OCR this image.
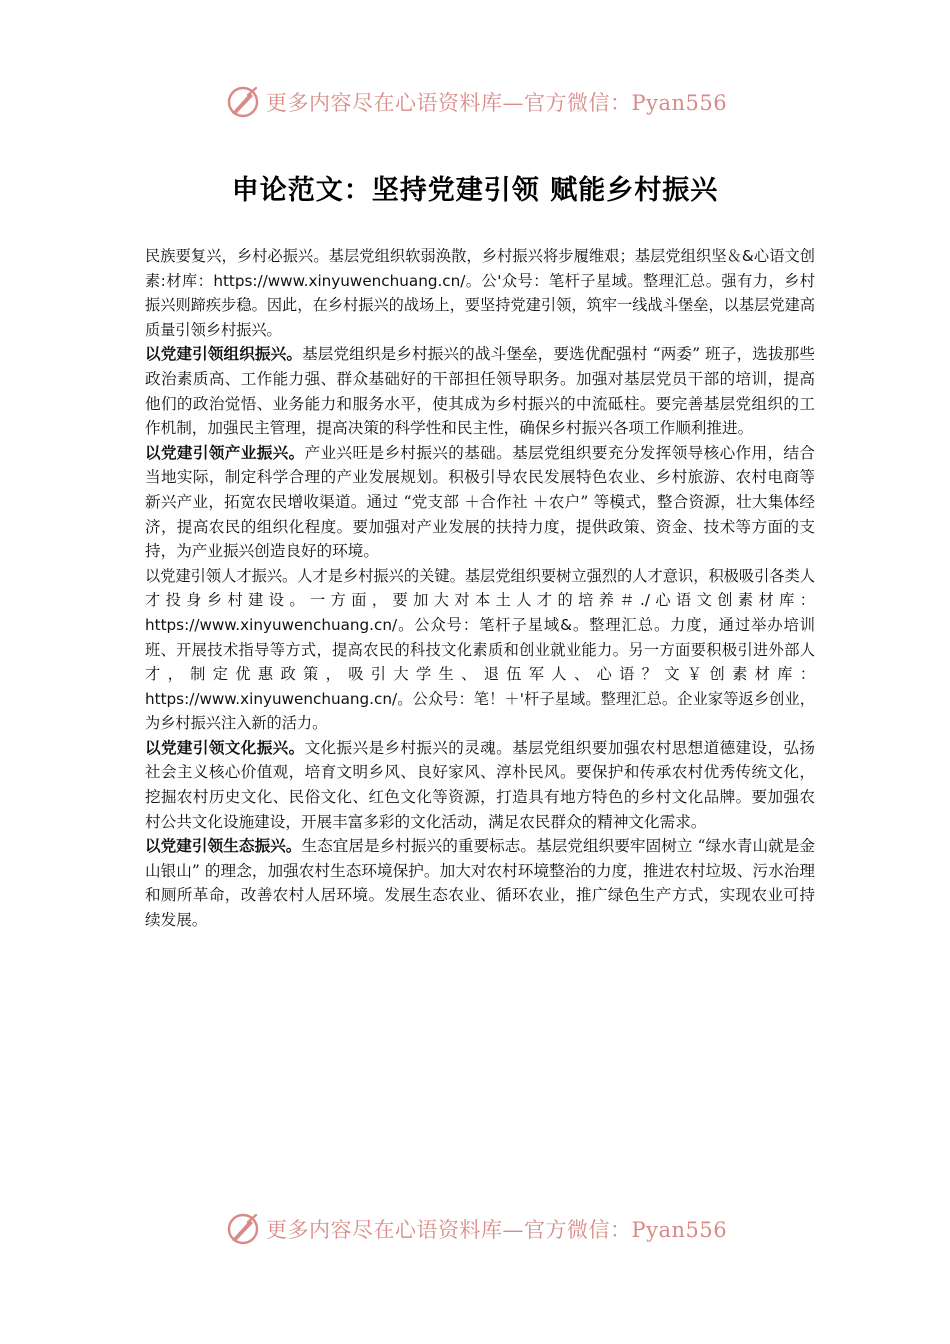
更多内容尽在心语资料库—官方微信：Pyan556
申论范文：坚持党建引领 赋能乡村振兴

民族要复兴，乡村必振兴。基层党组织软弱涣散，乡村振兴将步履维艰；基层党组织坚＆&心语文创素:材库：https://www.xinyuwenchuang.cn/。公'众号：笔杆子星域。整理汇总。强有力，乡村振兴则蹄疾步稳。因此，在乡村振兴的战场上，要坚持党建引领，筑牢一线战斗堡垒，以基层党建高质量引领乡村振兴。

以党建引领组织振兴。基层党组织是乡村振兴的战斗堡垒，要选优配强村 “两委” 班子，选拔那些政治素质高、工作能力强、群众基础好的干部担任领导职务。加强对基层党员干部的培训，提高他们的政治觉悟、业务能力和服务水平，使其成为乡村振兴的中流砥柱。要完善基层党组织的工作机制，加强民主管理，提高决策的科学性和民主性，确保乡村振兴各项工作顺利推进。

以党建引领产业振兴。产业兴旺是乡村振兴的基础。基层党组织要充分发挥领导核心作用，结合当地实际，制定科学合理的产业发展规划。积极引导农民发展特色农业、乡村旅游、农村电商等新兴产业，拓宽农民增收渠道。通过 “党支部 ＋合作社 ＋农户” 等模式，整合资源，壮大集体经济，提高农民的组织化程度。要加强对产业发展的扶持力度，提供政策、资金、技术等方面的支持，为产业振兴创造良好的环境。

以党建引领人才振兴。人才是乡村振兴的关键。基层党组织要树立强烈的人才意识，积极吸引各类人才投身乡村建设。一方面，要加大对本土人才的培养＃./心语文创素材库：https://www.xinyuwenchuang.cn/。公众号：笔杆子星域&。整理汇总。力度，通过举办培训班、开展技术指导等方式，提高农民的科技文化素质和创业就业能力。另一方面要积极引进外部人才，制定优惠政策，吸引大学生、退伍军人、心语？文￥创素材库：https://www.xinyuwenchuang.cn/。公众号：笔！＋'杆子星域。整理汇总。企业家等返乡创业，为乡村振兴注入新的活力。

以党建引领文化振兴。文化振兴是乡村振兴的灵魂。基层党组织要加强农村思想道德建设，弘扬社会主义核心价值观，培育文明乡风、良好家风、淳朴民风。要保护和传承农村优秀传统文化，挖掘农村历史文化、民俗文化、红色文化等资源，打造具有地方特色的乡村文化品牌。要加强农村公共文化设施建设，开展丰富多彩的文化活动，满足农民群众的精神文化需求。

以党建引领生态振兴。生态宜居是乡村振兴的重要标志。基层党组织要牢固树立 “绿水青山就是金山银山” 的理念，加强农村生态环境保护。加大对农村环境整治的力度，推进农村垃圾、污水治理和厕所革命，改善农村人居环境。发展生态农业、循环农业，推广绿色生产方式，实现农业可持续发展。

更多内容尽在心语资料库—官方微信：Pyan556
